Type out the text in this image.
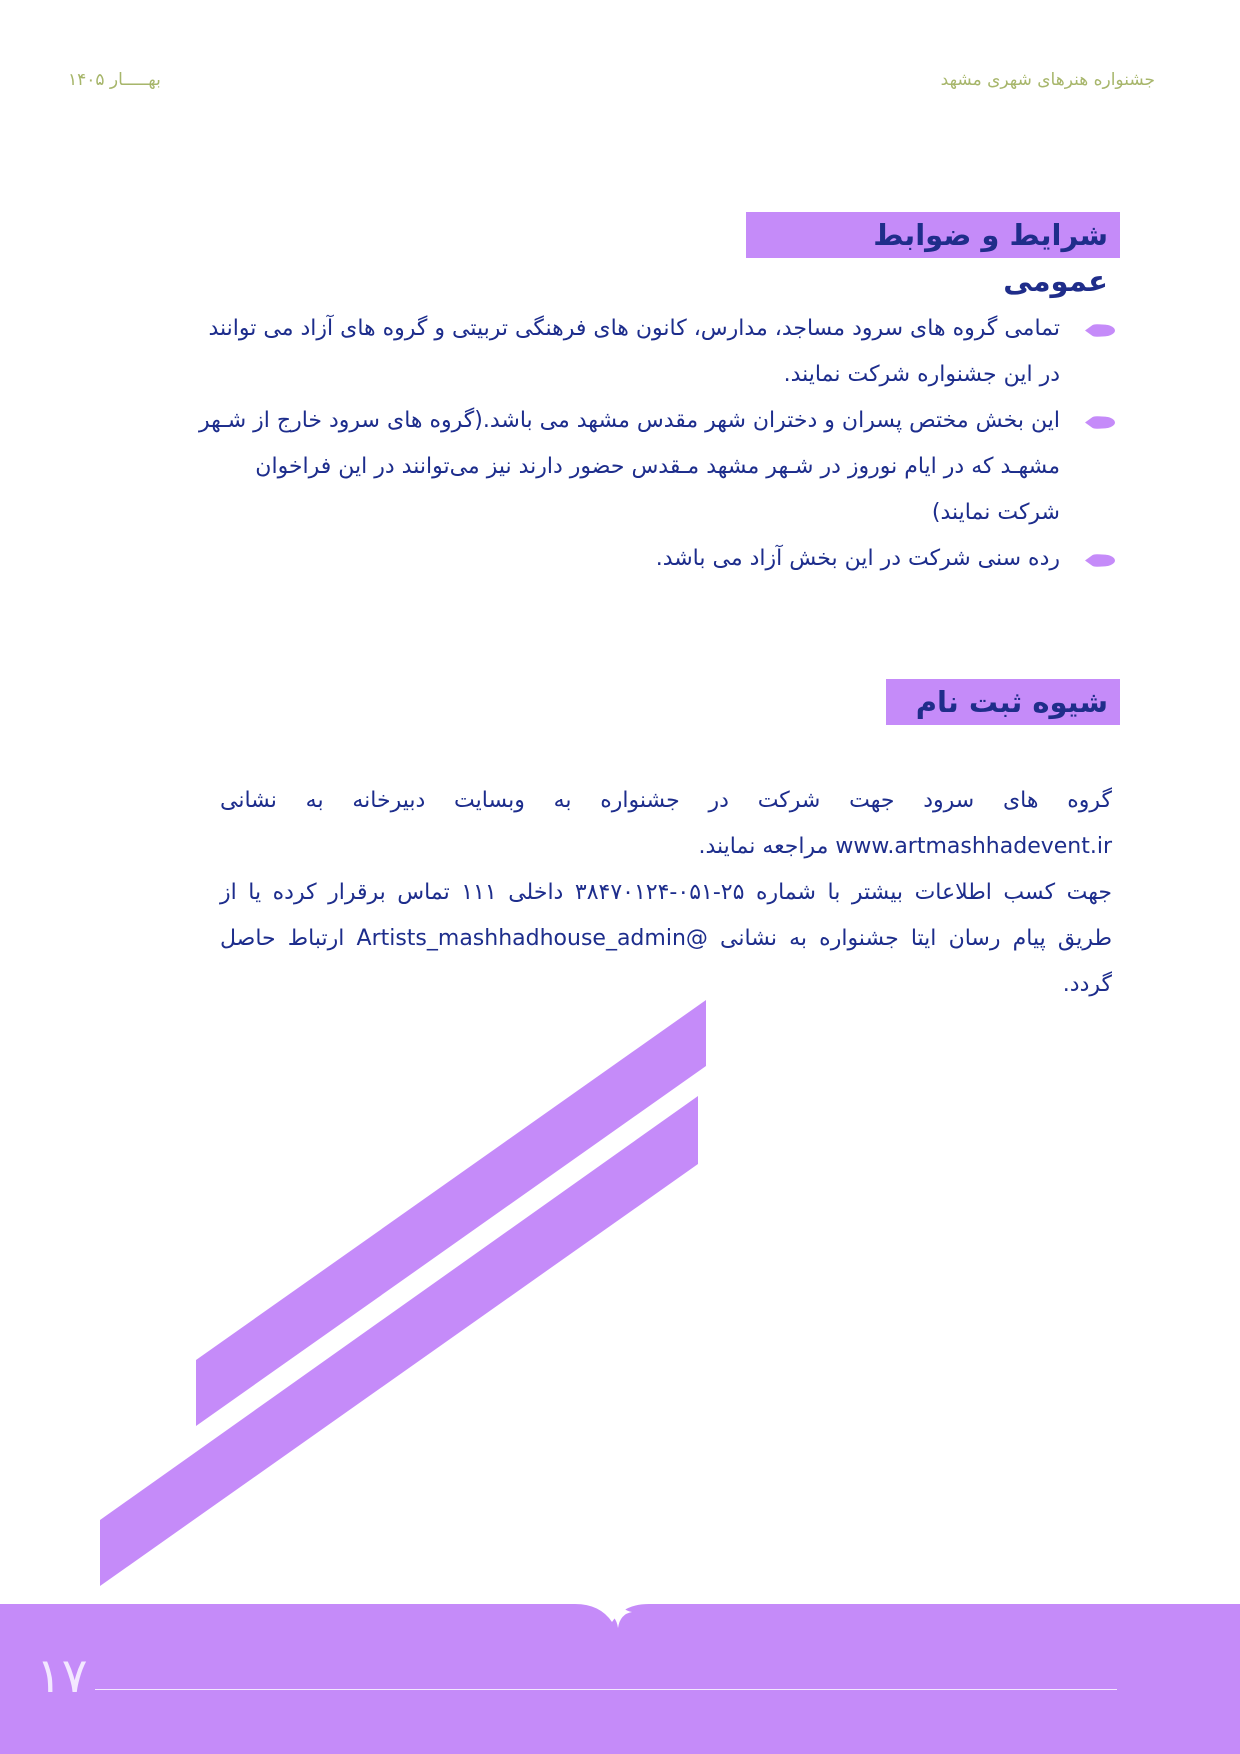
جشنواره هنرهای شهری مشهد
بهـــــار ۱۴۰۵
شرایط و ضوابط عمومی
تمامی گروه های سرود مساجد، مدارس، کانون های فرهنگی تربیتی و گروه های آزاد می توانند در این جشنواره شرکت نمایند.
این بخش مختص پسران و دختران شهر مقدس مشهد می باشد.(گروه های سرود خارج از شـهر مشهـد که در ایام نوروز در شـهر مشهد مـقدس حضور دارند نیز می‌توانند در این فراخوان شرکت نمایند)
رده سنی شرکت در این بخش آزاد می باشد.
شیوه ثبت نام

گروه های سرود جهت شرکت در جشنواره به وبسایت دبیرخانه به نشانی www.artmashhadevent.ir مراجعه نمایند.

جهت کسب اطلاعات بیشتر با شماره ۲۵-۰۵۱-۳۸۴۷۰۱۲۴ داخلی ۱۱۱ تماس برقرار کرده یا از طریق پیام رسان ایتا جشنواره به نشانی @Artists_mashhadhouse_admin ارتباط حاصل گردد.

۱۷
